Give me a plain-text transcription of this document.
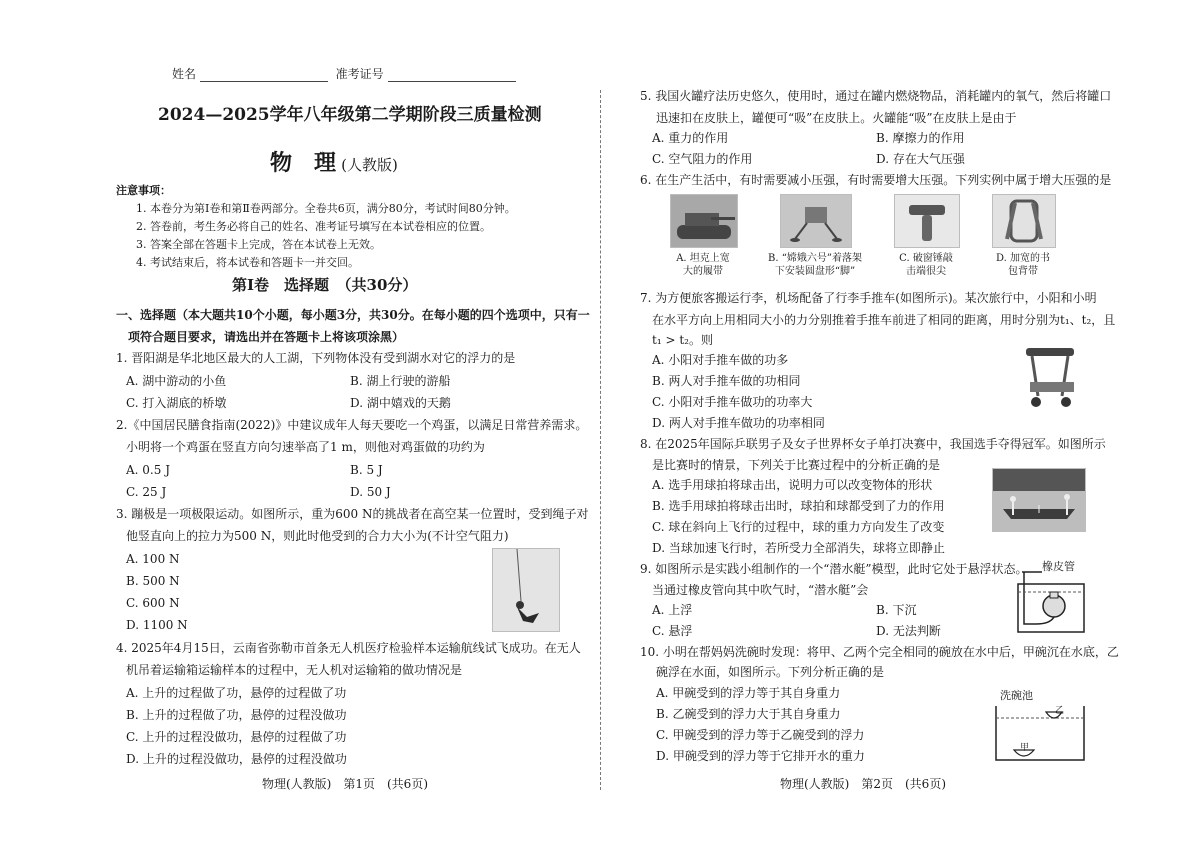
姓名	准考证号
2024—2025学年八年级第二学期阶段三质量检测
物　理 (人教版)
注意事项：
1. 本卷分为第Ⅰ卷和第Ⅱ卷两部分。全卷共6页，满分80分，考试时间80分钟。
2. 答卷前，考生务必将自己的姓名、准考证号填写在本试卷相应的位置。
3. 答案全部在答题卡上完成，答在本试卷上无效。
4. 考试结束后，将本试卷和答题卡一并交回。
第Ⅰ卷　选择题　（共30分）
一、选择题（本大题共10个小题，每小题3分，共30分。在每小题的四个选项中，只有一
项符合题目要求，请选出并在答题卡上将该项涂黑）
1. 晋阳湖是华北地区最大的人工湖，下列物体没有受到湖水对它的浮力的是
A. 湖中游动的小鱼	B. 湖上行驶的游船
C. 打入湖底的桥墩	D. 湖中嬉戏的天鹅
2.《中国居民膳食指南(2022)》中建议成年人每天要吃一个鸡蛋，以满足日常营养需求。
小明将一个鸡蛋在竖直方向匀速举高了1 m，则他对鸡蛋做的功约为
A. 0.5 J	B. 5 J
C. 25 J	D. 50 J
3. 蹦极是一项极限运动。如图所示，重为600 N的挑战者在高空某一位置时，受到绳子对
他竖直向上的拉力为500 N，则此时他受到的合力大小为(不计空气阻力)
A. 100 N
B. 500 N
C. 600 N
D. 1100 N
4. 2025年4月15日，云南省弥勒市首条无人机医疗检验样本运输航线试飞成功。在无人
机吊着运输箱运输样本的过程中，无人机对运输箱的做功情况是
A. 上升的过程做了功，悬停的过程做了功
B. 上升的过程做了功，悬停的过程没做功
C. 上升的过程没做功，悬停的过程做了功
D. 上升的过程没做功，悬停的过程没做功
物理(人教版)　第1页　(共6页)
5. 我国火罐疗法历史悠久，使用时，通过在罐内燃烧物品，消耗罐内的氧气，然后将罐口
迅速扣在皮肤上，罐便可“吸”在皮肤上。火罐能“吸”在皮肤上是由于
A. 重力的作用	B. 摩擦力的作用
C. 空气阻力的作用	D. 存在大气压强
6. 在生产生活中，有时需要减小压强，有时需要增大压强。下列实例中属于增大压强的是
A. 坦克上宽
大的履带
B. “嫦娥六号”着落架
下安装圆盘形“脚”
C. 破窗锤敲
击端很尖
D. 加宽的书
包背带
7. 为方便旅客搬运行李，机场配备了行李手推车(如图所示)。某次旅行中，小阳和小明
在水平方向上用相同大小的力分别推着手推车前进了相同的距离，用时分别为t₁、t₂，且
t₁ > t₂。则
A. 小阳对手推车做的功多
B. 两人对手推车做的功相同
C. 小阳对手推车做功的功率大
D. 两人对手推车做功的功率相同
8. 在2025年国际乒联男子及女子世界杯女子单打决赛中，我国选手夺得冠军。如图所示
是比赛时的情景，下列关于比赛过程中的分析正确的是
A. 选手用球拍将球击出，说明力可以改变物体的形状
B. 选手用球拍将球击出时，球拍和球都受到了力的作用
C. 球在斜向上飞行的过程中，球的重力方向发生了改变
D. 当球加速飞行时，若所受力全部消失，球将立即静止
9. 如图所示是实践小组制作的一个“潜水艇”模型，此时它处于悬浮状态。
当通过橡皮管向其中吹气时，“潜水艇”会
A. 上浮	B. 下沉
C. 悬浮	D. 无法判断
橡皮管
10. 小明在帮妈妈洗碗时发现：将甲、乙两个完全相同的碗放在水中后，甲碗沉在水底，乙
碗浮在水面，如图所示。下列分析正确的是
A. 甲碗受到的浮力等于其自身重力
B. 乙碗受到的浮力大于其自身重力
C. 甲碗受到的浮力等于乙碗受到的浮力
D. 甲碗受到的浮力等于它排开水的重力
洗碗池
乙
甲
物理(人教版)　第2页　(共6页)
